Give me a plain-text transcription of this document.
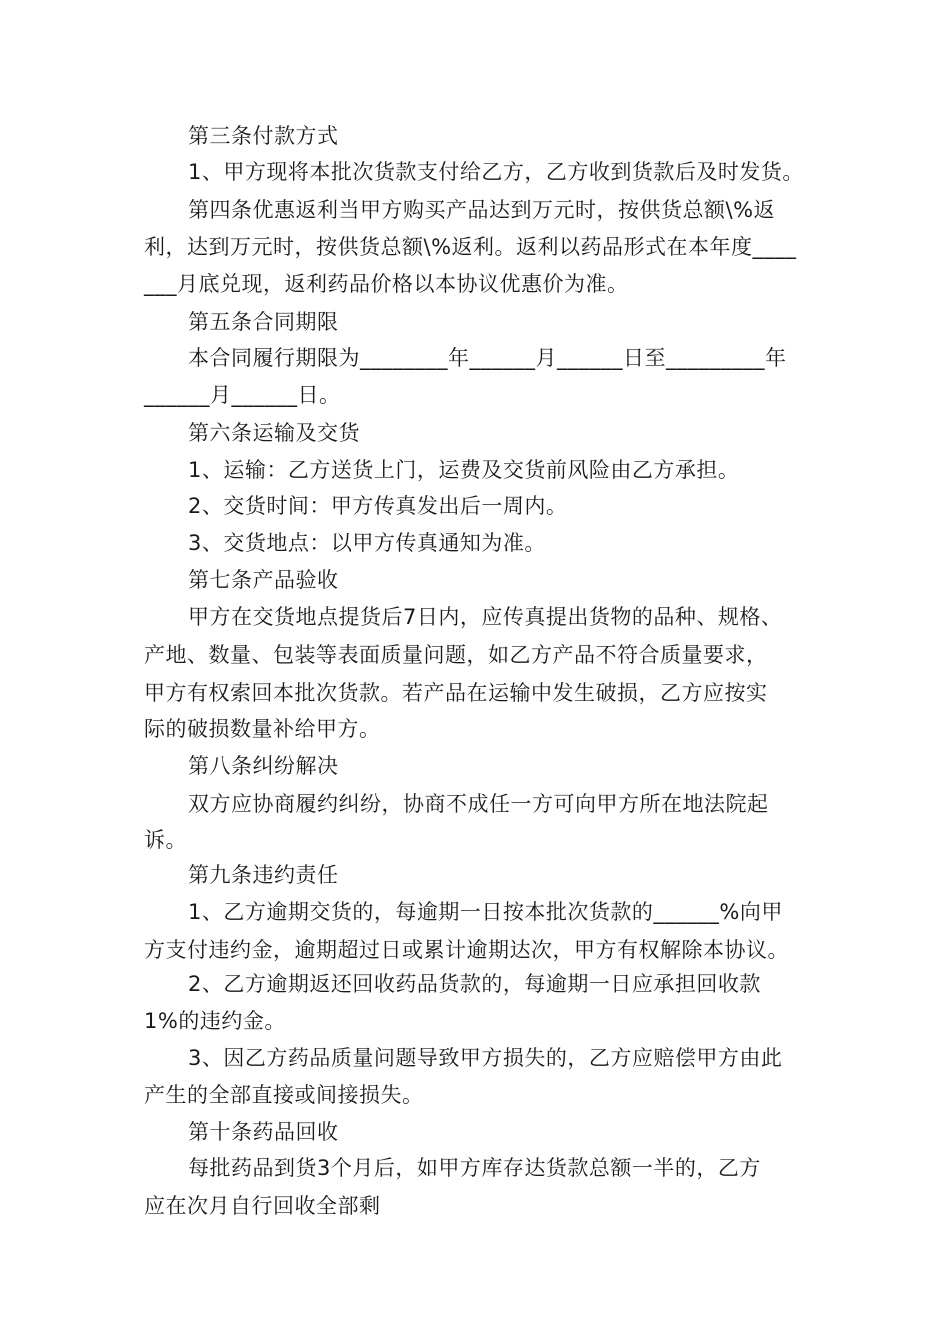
第三条付款方式
1、甲方现将本批次货款支付给乙方，乙方收到货款后及时发货。
第四条优惠返利当甲方购买产品达到万元时，按供货总额\%返
利，达到万元时，按供货总额\%返利。返利以药品形式在本年度____
___月底兑现，返利药品价格以本协议优惠价为准。
第五条合同期限
本合同履行期限为________年______月______日至_________年
______月______日。
第六条运输及交货
1、运输：乙方送货上门，运费及交货前风险由乙方承担。
2、交货时间：甲方传真发出后一周内。
3、交货地点：以甲方传真通知为准。
第七条产品验收
甲方在交货地点提货后7日内，应传真提出货物的品种、规格、
产地、数量、包装等表面质量问题，如乙方产品不符合质量要求，
甲方有权索回本批次货款。若产品在运输中发生破损，乙方应按实
际的破损数量补给甲方。
第八条纠纷解决
双方应协商履约纠纷，协商不成任一方可向甲方所在地法院起
诉。
第九条违约责任
1、乙方逾期交货的，每逾期一日按本批次货款的______%向甲
方支付违约金，逾期超过日或累计逾期达次，甲方有权解除本协议。
2、乙方逾期返还回收药品货款的，每逾期一日应承担回收款
1%的违约金。
3、因乙方药品质量问题导致甲方损失的，乙方应赔偿甲方由此
产生的全部直接或间接损失。
第十条药品回收
每批药品到货3个月后，如甲方库存达货款总额一半的，乙方
应在次月自行回收全部剩
